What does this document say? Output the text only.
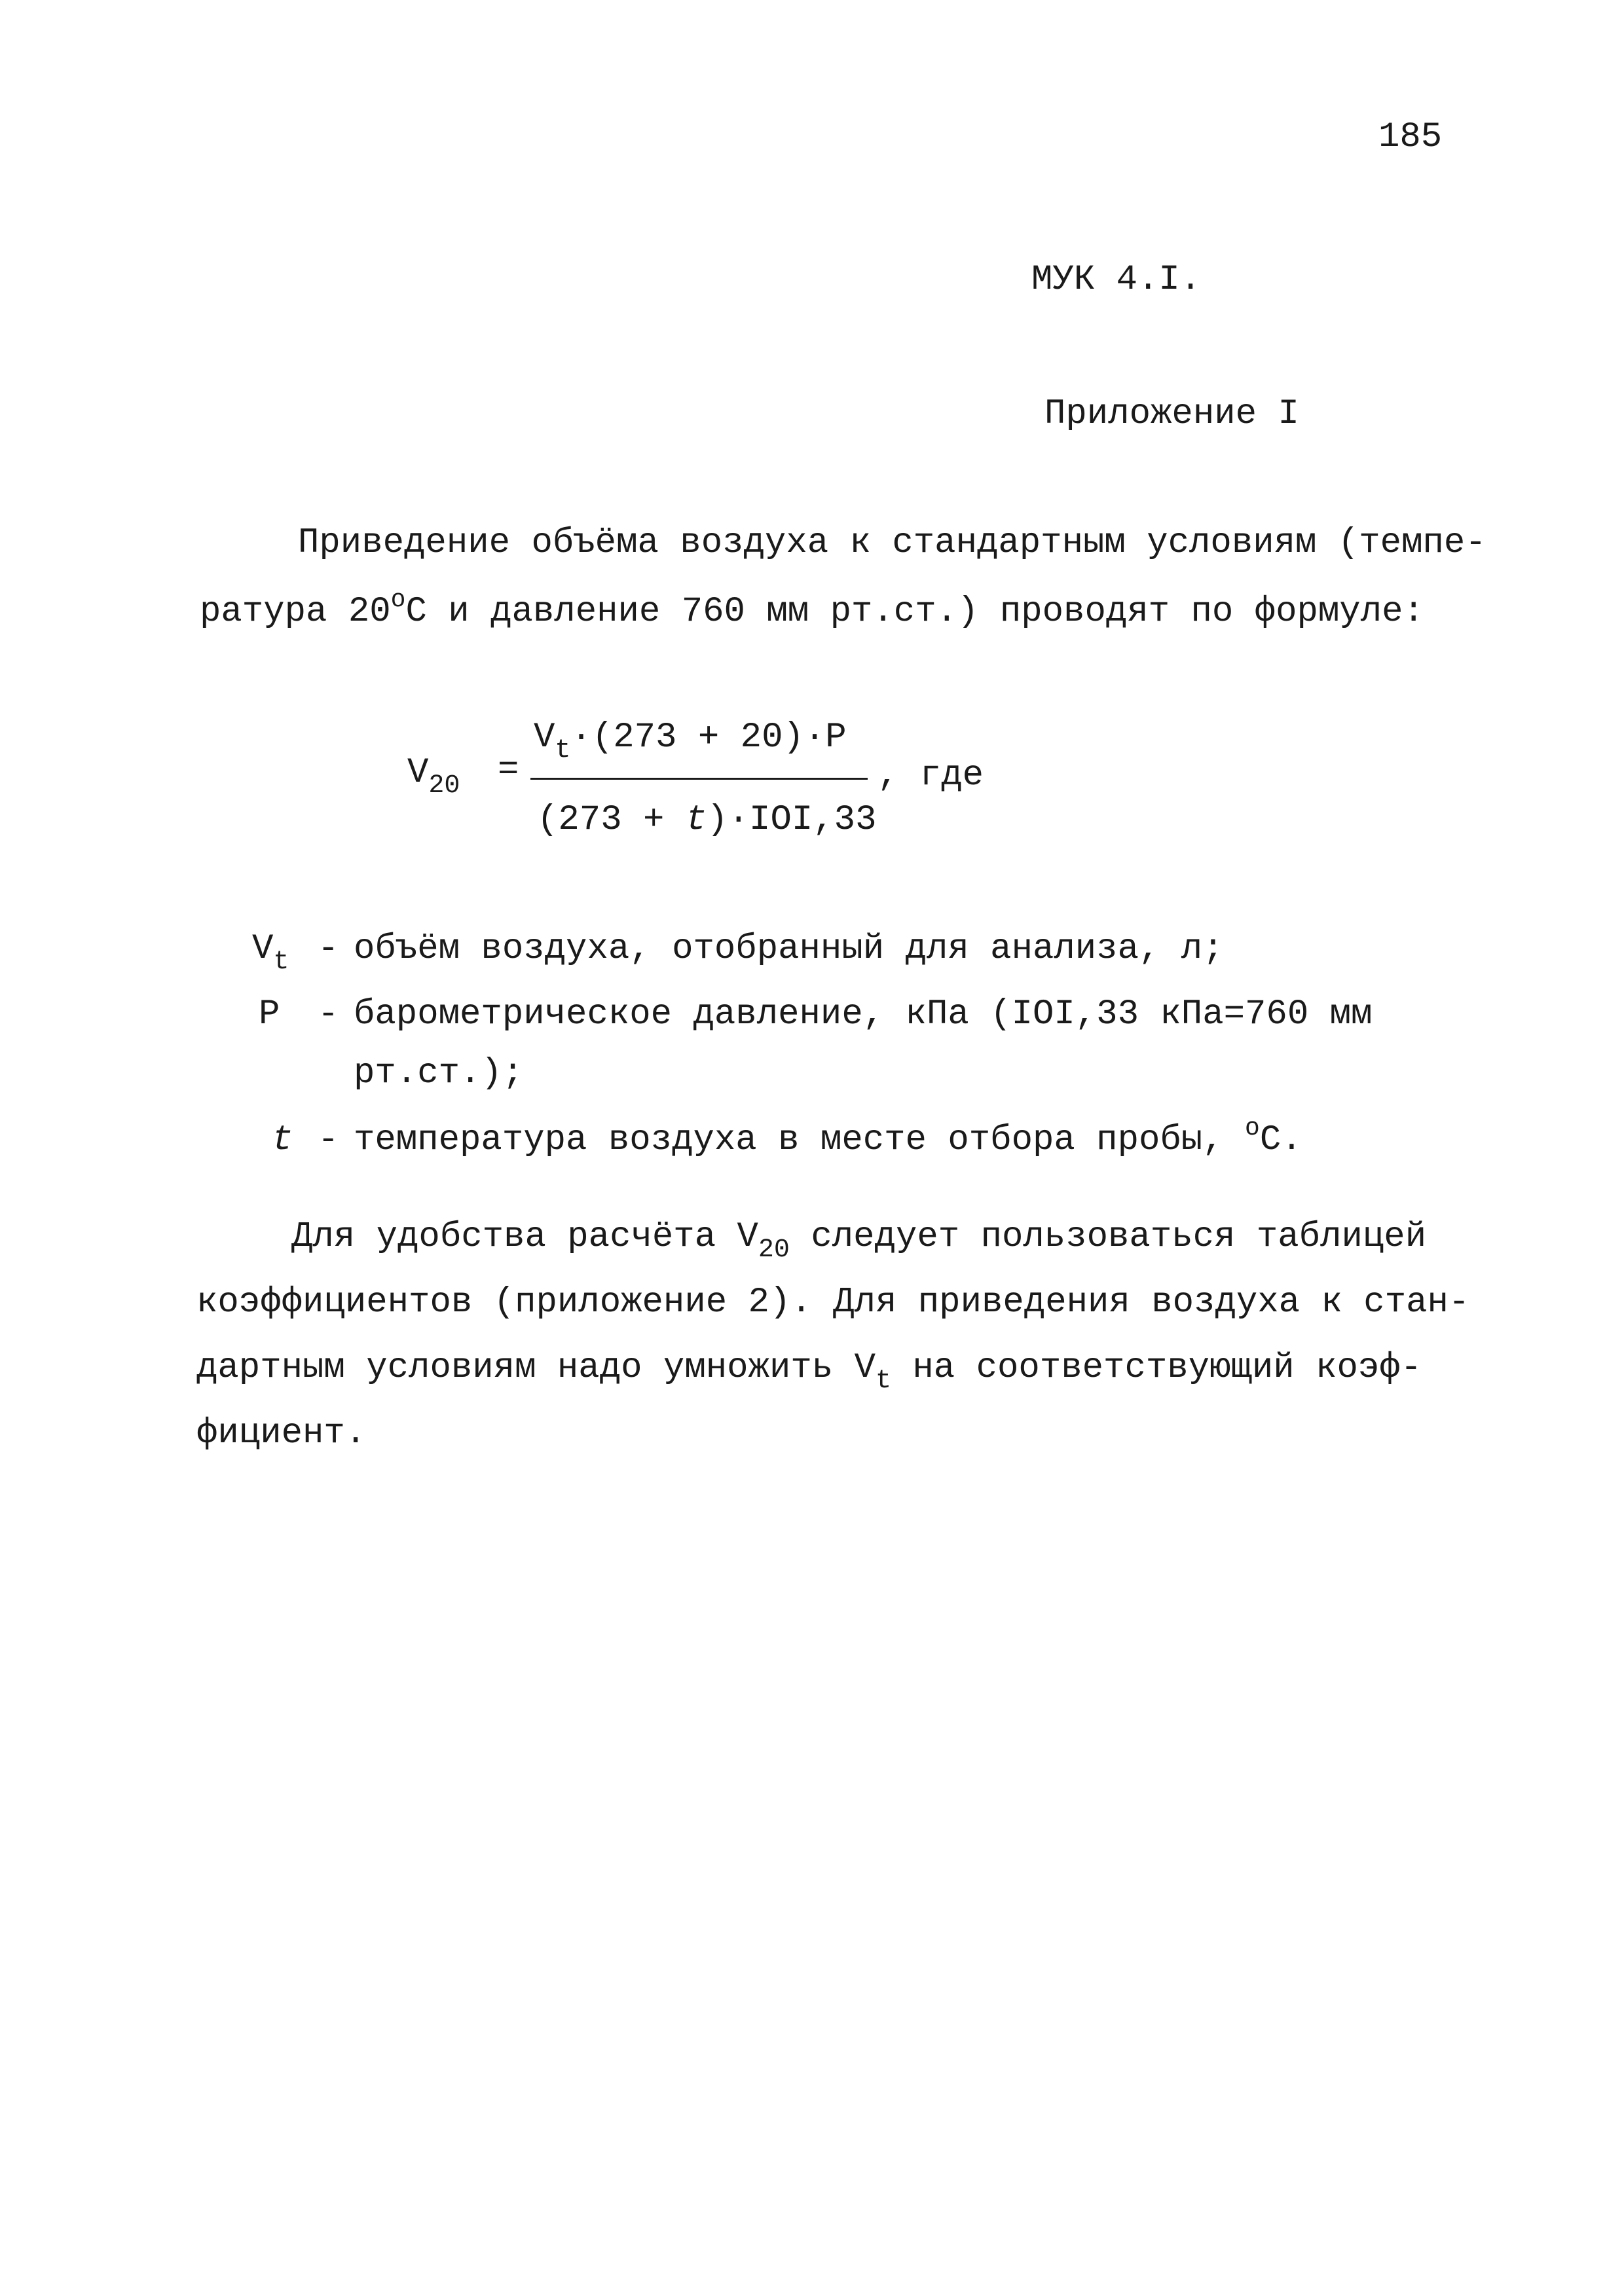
185
МУК 4.I.
Приложение I
Приведение объёма воздуха к стандартным условиям (темпе-
ратура $20^оС$ и давление 760 мм рт.ст.) проводят по формуле:
$V_{20}$ =
$V_t\cdot(273 + 20)\cdot P$
(273 + t)·IOI,33
, где
$V_t$ - объём воздуха, отобранный для анализа, л;
P - барометрическое давление, кПа (IOI,33 кПа=760 мм
рт.ст.);
t - температура воздуха в месте отбора пробы, $^о$С.
Для удобства расчёта $V_{20}$ следует пользоваться таблицей
коэффициентов (приложение 2). Для приведения воздуха к стан-
дартным условиям надо умножить $V_t$ на соответствующий коэф-
фициент.
